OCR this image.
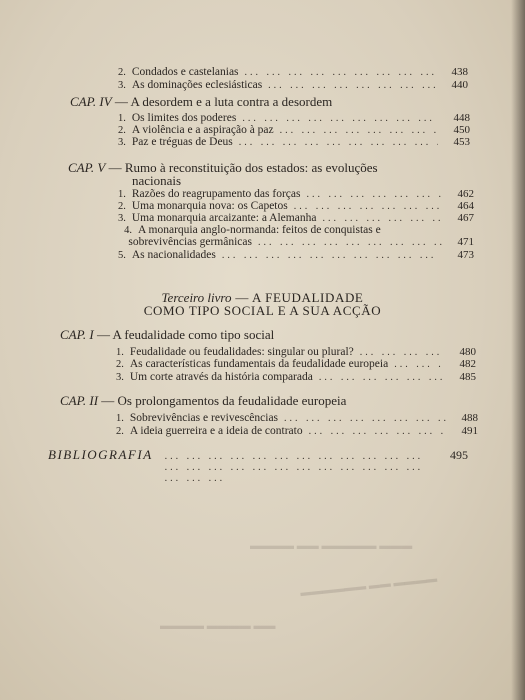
2. Condados e castelanias ... .	438
3. As dominações eclesiásticas ... .	440
CAP. IV — A desordem e a luta contra a desordem
1. Os limites dos poderes ... .	448
2. A violência e a aspiração à paz ... .	450
3. Paz e tréguas de Deus ... .	453
CAP. V — Rumo à reconstituição dos estados: as evoluções
nacionais
1. Razões do reagrupamento das forças ... .	462
2. Uma monarquia nova: os Capetos ... .	464
3. Uma monarquia arcaizante: a Alemanha ... .	467
4. A monarquia anglo-normanda: feitos de conquistas e
sobrevivências germânicas ... .	471
5. As nacionalidades ... .	473
Terceiro livro — A FEUDALIDADE
COMO TIPO SOCIAL E A SUA ACÇÃO
CAP. I — A feudalidade como tipo social
1. Feudalidade ou feudalidades: singular ou plural? ... .	480
2. As características fundamentais da feudalidade europeia ... .	482
3. Um corte através da história comparada ... .	485
CAP. II — Os prolongamentos da feudalidade europeia
1. Sobrevivências e revivescências ... .	488
2. A ideia guerreira e a ideia de contrato ... .	491
BIBLIOGRAFIA ... .	495
▬▬▬ ▬▬▬▬▬ ▬▬ ▬▬▬▬
▬▬▬▬ ▬▬ ▬▬▬▬▬▬
▬▬ ▬▬▬▬ ▬▬▬▬
